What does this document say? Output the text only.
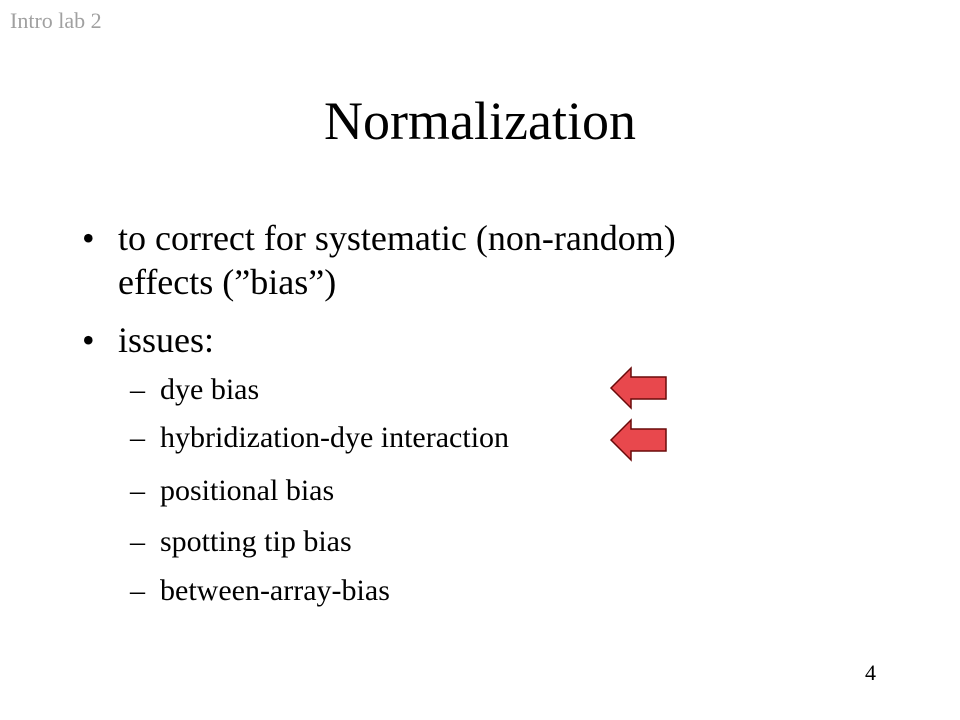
Intro lab 2
Normalization
• to correct for systematic (non-random)
effects (”bias”)
• issues:
– dye bias
– hybridization-dye interaction
– positional bias
– spotting tip bias
– between-array-bias
4
